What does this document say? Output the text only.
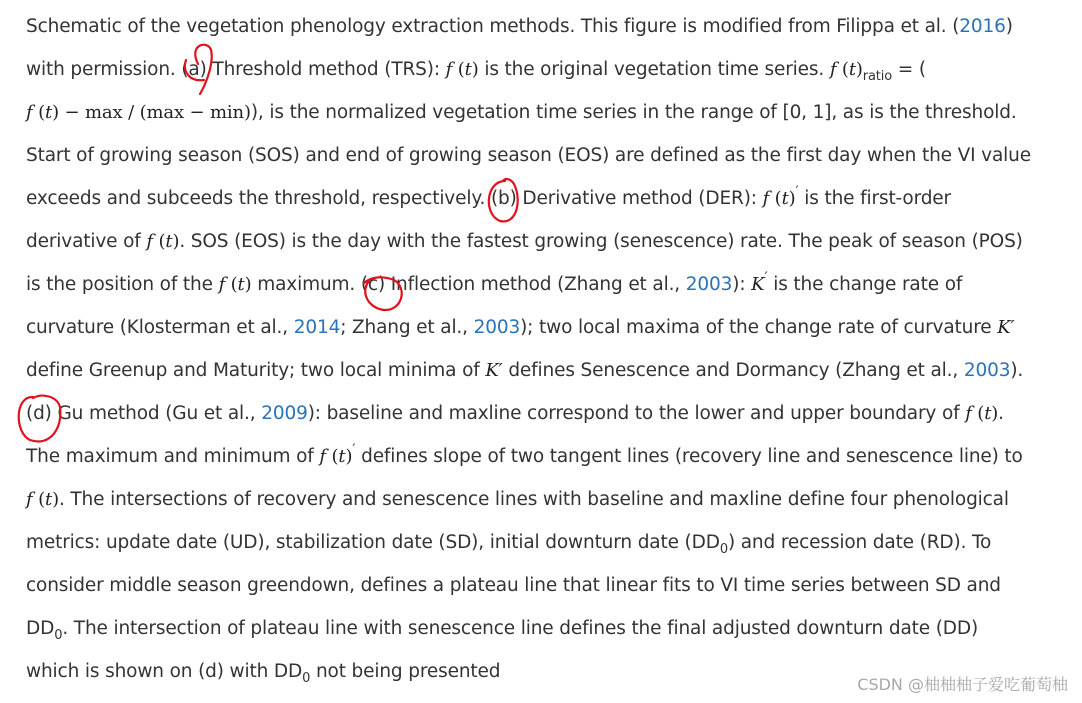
Schematic of the vegetation phenology extraction methods. This figure is modified from Filippa et al. (2016)
with permission. (a) Threshold method (TRS): f (t) is the original vegetation time series. f $(t)_{ratio}$ = (
f (t) − max / (max − min)), is the normalized vegetation time series in the range of [0, 1], as is the threshold.
Start of growing season (SOS) and end of growing season (EOS) are defined as the first day when the VI value
exceeds and subceeds the threshold, respectively. (b) Derivative method (DER): f (t)′ is the first-order
derivative of f (t). SOS (EOS) is the day with the fastest growing (senescence) rate. The peak of season (POS)
is the position of the f (t) maximum. (c) Inflection method (Zhang et al., 2003): K′ is the change rate of
curvature (Klosterman et al., 2014; Zhang et al., 2003); two local maxima of the change rate of curvature K′
define Greenup and Maturity; two local minima of K′ defines Senescence and Dormancy (Zhang et al., 2003).
(d) Gu method (Gu et al., 2009): baseline and maxline correspond to the lower and upper boundary of f (t).
The maximum and minimum of f (t)′ defines slope of two tangent lines (recovery line and senescence line) to
f (t). The intersections of recovery and senescence lines with baseline and maxline define four phenological
metrics: update date (UD), stabilization date (SD), initial downturn date $(DD_0)$ and recession date (RD). To
consider middle season greendown, defines a plateau line that linear fits to VI time series between SD and
$DD_0$. The intersection of plateau line with senescence line defines the final adjusted downturn date (DD)
which is shown on (d) with $DD_0$ not being presented
CSDN @柚柚柚子爱吃葡萄柚
